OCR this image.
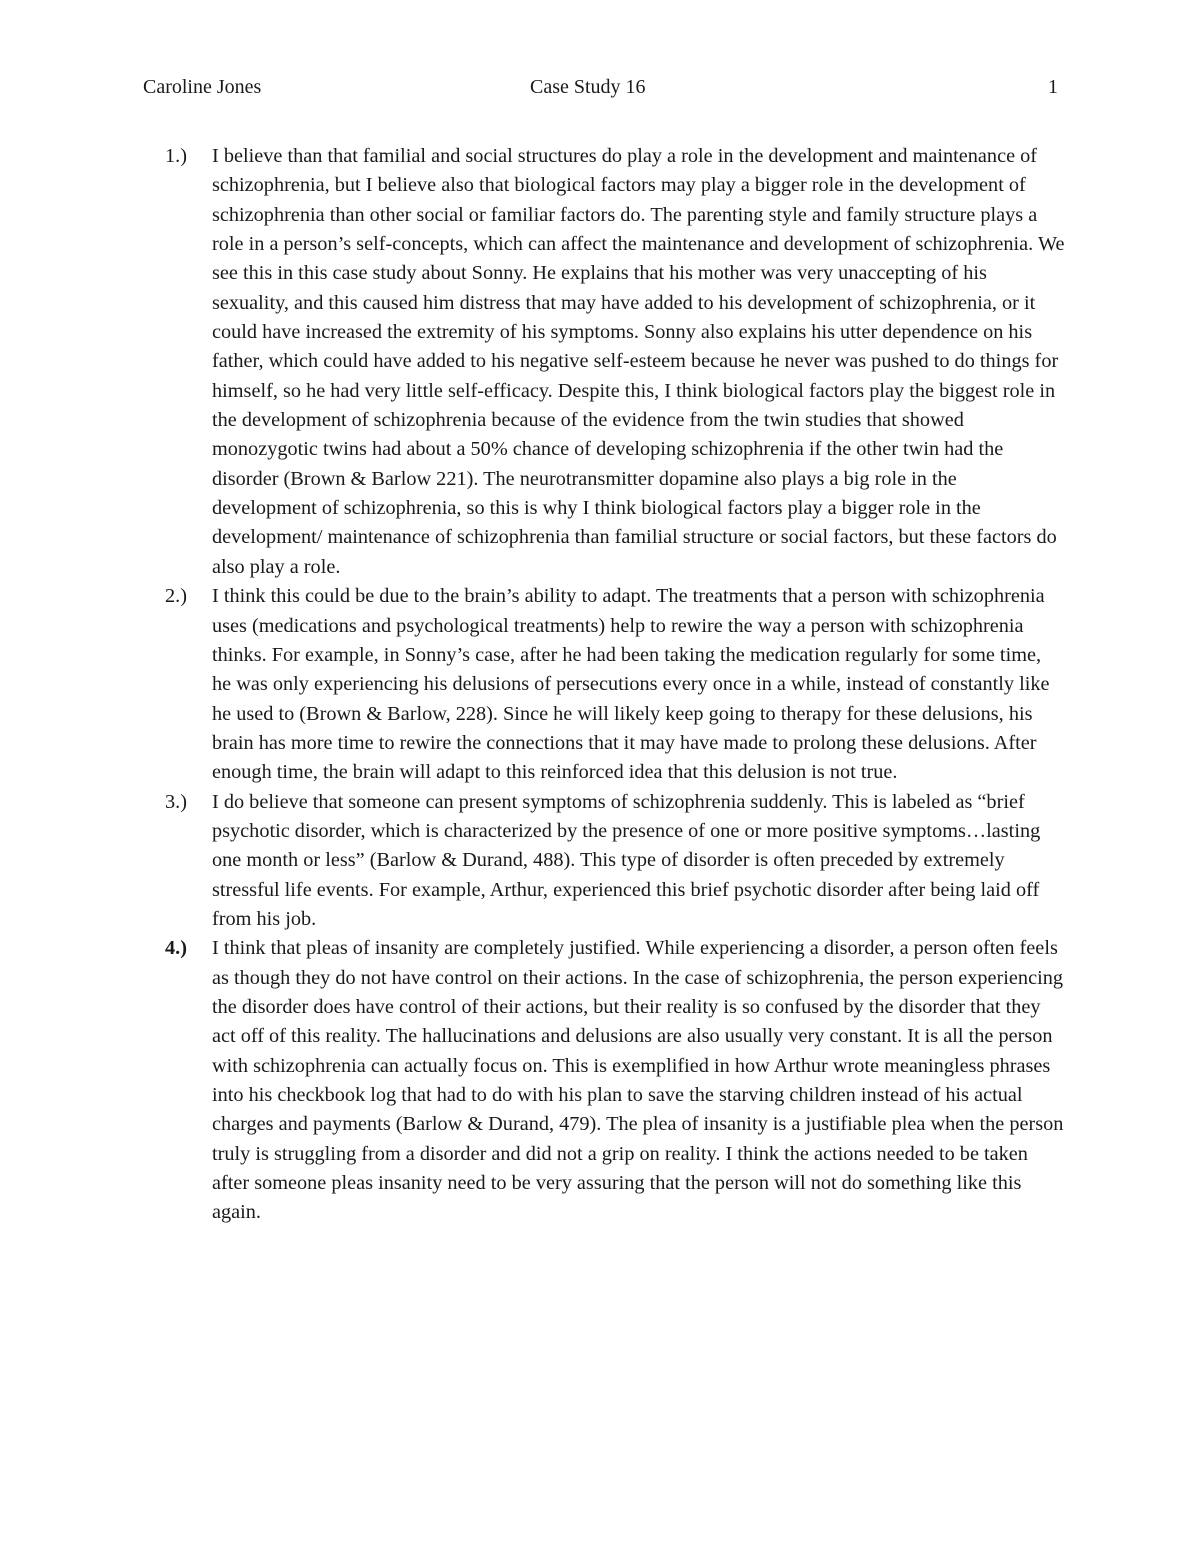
Caroline Jones	Case Study 16	1
1.)	I believe than that familial and social structures do play a role in the development and maintenance of schizophrenia, but I believe also that biological factors may play a bigger role in the development of schizophrenia than other social or familiar factors do. The parenting style and family structure plays a role in a person’s self-concepts, which can affect the maintenance and development of schizophrenia. We see this in this case study about Sonny. He explains that his mother was very unaccepting of his sexuality, and this caused him distress that may have added to his development of schizophrenia, or it could have increased the extremity of his symptoms. Sonny also explains his utter dependence on his father, which could have added to his negative self-esteem because he never was pushed to do things for himself, so he had very little self-efficacy. Despite this, I think biological factors play the biggest role in the development of schizophrenia because of the evidence from the twin studies that showed monozygotic twins had about a 50% chance of developing schizophrenia if the other twin had the disorder (Brown & Barlow 221). The neurotransmitter dopamine also plays a big role in the development of schizophrenia, so this is why I think biological factors play a bigger role in the development/ maintenance of schizophrenia than familial structure or social factors, but these factors do also play a role.
2.)	I think this could be due to the brain’s ability to adapt. The treatments that a person with schizophrenia uses (medications and psychological treatments) help to rewire the way a person with schizophrenia thinks. For example, in Sonny’s case, after he had been taking the medication regularly for some time, he was only experiencing his delusions of persecutions every once in a while, instead of constantly like he used to (Brown & Barlow, 228). Since he will likely keep going to therapy for these delusions, his brain has more time to rewire the connections that it may have made to prolong these delusions. After enough time, the brain will adapt to this reinforced idea that this delusion is not true.
3.)	I do believe that someone can present symptoms of schizophrenia suddenly. This is labeled as “brief psychotic disorder, which is characterized by the presence of one or more positive symptoms…lasting one month or less” (Barlow & Durand, 488). This type of disorder is often preceded by extremely stressful life events. For example, Arthur, experienced this brief psychotic disorder after being laid off from his job.
4.)	I think that pleas of insanity are completely justified. While experiencing a disorder, a person often feels as though they do not have control on their actions. In the case of schizophrenia, the person experiencing the disorder does have control of their actions, but their reality is so confused by the disorder that they act off of this reality. The hallucinations and delusions are also usually very constant. It is all the person with schizophrenia can actually focus on. This is exemplified in how Arthur wrote meaningless phrases into his checkbook log that had to do with his plan to save the starving children instead of his actual charges and payments (Barlow & Durand, 479). The plea of insanity is a justifiable plea when the person truly is struggling from a disorder and did not a grip on reality. I think the actions needed to be taken after someone pleas insanity need to be very assuring that the person will not do something like this again.
